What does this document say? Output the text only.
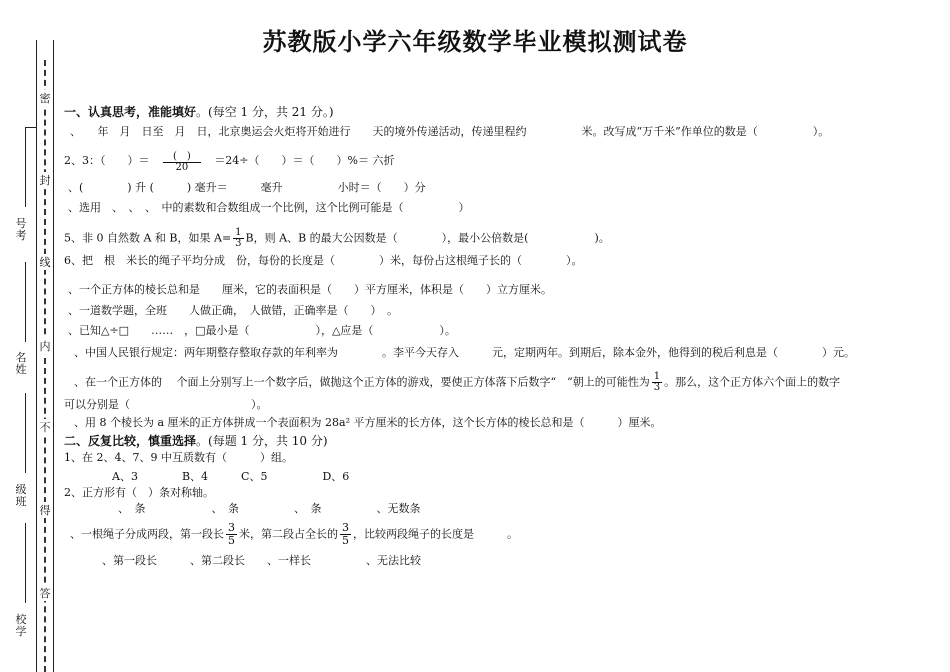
苏教版小学六年级数学毕业模拟测试卷
号
考
名
姓
级
班
校
学
密
封
线
内
不
得
答
一、认真思考，准能填好。(每空 1 分，共 21 分。)
、　　年　月　日至　月　日，北京奥运会火炬将开始进行　　天的境外传递活动，传递里程约　　　　　米。改写成“万千米”作单位的数是（　　　　　）。
2、3：（　　）＝ $\frac{( )}{20} =24\div$（　　）＝（　　）%＝ 六折
、(　　　　) 升 (　　　) 毫升＝　　　毫升　　　　　小时＝（　　）分
、选用　、　、　、　中的素数和合数组成一个比例，这个比例可能是（　　　　　）
5、非 0 自然数 A 和 B，如果 $A= \frac{1}{3}$ B，则 A、B 的最大公因数是（　　　　），最小公倍数是(　　　　　　)。
6、把　根　米长的绳子平均分成　份，每份的长度是（　　　　）米，每份占这根绳子长的（　　　　）。
、一个正方体的棱长总和是　　厘米，它的表面积是（　　）平方厘米，体积是（　　）立方厘米。
、一道数学题，全班　　人做正确，　人做错，正确率是（　　）　。
、已知△÷□　　……　，□最小是（　　　　　　），△应是（　　　　　　）。
、中国人民银行规定：两年期整存整取存款的年利率为　　　　。李平今天存入　　　元，定期两年。到期后，除本金外，他得到的税后利息是（　　　　）元。
、在一个正方体的　 个面上分别写上一个数字后，做抛这个正方体的游戏，要使正方体落下后数字“　”朝上的可能性为 $\frac{1}{3}$ 。那么，这个正方体六个面上的数字
可以分别是（　　　　　　　　　　　）。
、用 8 个棱长为 a 厘米的正方体拼成一个表面积为 28a² 平方厘米的长方体，这个长方体的棱长总和是（　　　）厘米。
二、反复比较，慎重选择。(每题 1 分，共 10 分)
1、在 2、4、7、9 中互质数有（　　　）组。
A、3　　　　B、4　　　C、5　　　　　D、6
2、正方形有（　）条对称轴。
、　条　　　　　　、　条　　　　　、　条　　　　　、无数条
、一根绳子分成两段，第一段长 $\frac{3}{5}$ 米，第二段占全长的 $\frac{3}{5}$ ，比较两段绳子的长度是　　　。
、第一段长　　　、第二段长　　、一样长　　　　　、无法比较
